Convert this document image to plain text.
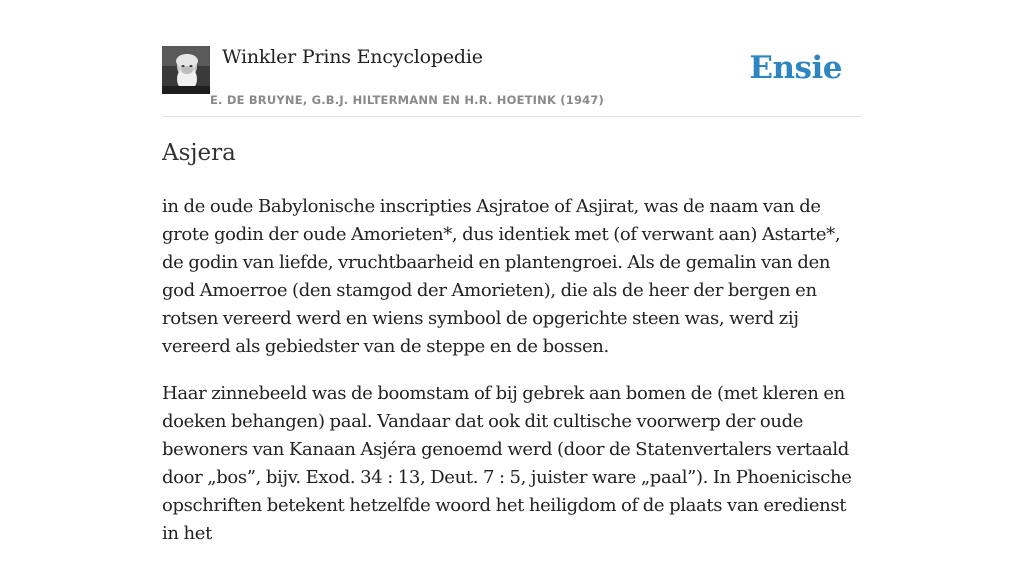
Winkler Prins Encyclopedie
E. DE BRUYNE, G.B.J. HILTERMANN EN H.R. HOETINK (1947)
Ensie
Asjera

in de oude Babylonische inscripties Asjratoe of Asjirat, was de naam van de grote godin der oude Amorieten*, dus identiek met (of verwant aan) Astarte*, de godin van liefde, vruchtbaarheid en plantengroei. Als de gemalin van den god Amoerroe (den stamgod der Amorieten), die als de heer der bergen en rotsen vereerd werd en wiens symbool de opgerichte steen was, werd zij vereerd als gebiedster van de steppe en de bossen.

Haar zinnebeeld was de boomstam of bij gebrek aan bomen de (met kleren en doeken behangen) paal. Vandaar dat ook dit cultische voorwerp der oude bewoners van Kanaan Asjéra genoemd werd (door de Statenvertalers vertaald door „bos”, bijv. Exod. 34 : 13, Deut. 7 : 5, juister ware „paal”). In Phoenicische opschriften betekent hetzelfde woord het heiligdom of de plaats van eredienst in het
